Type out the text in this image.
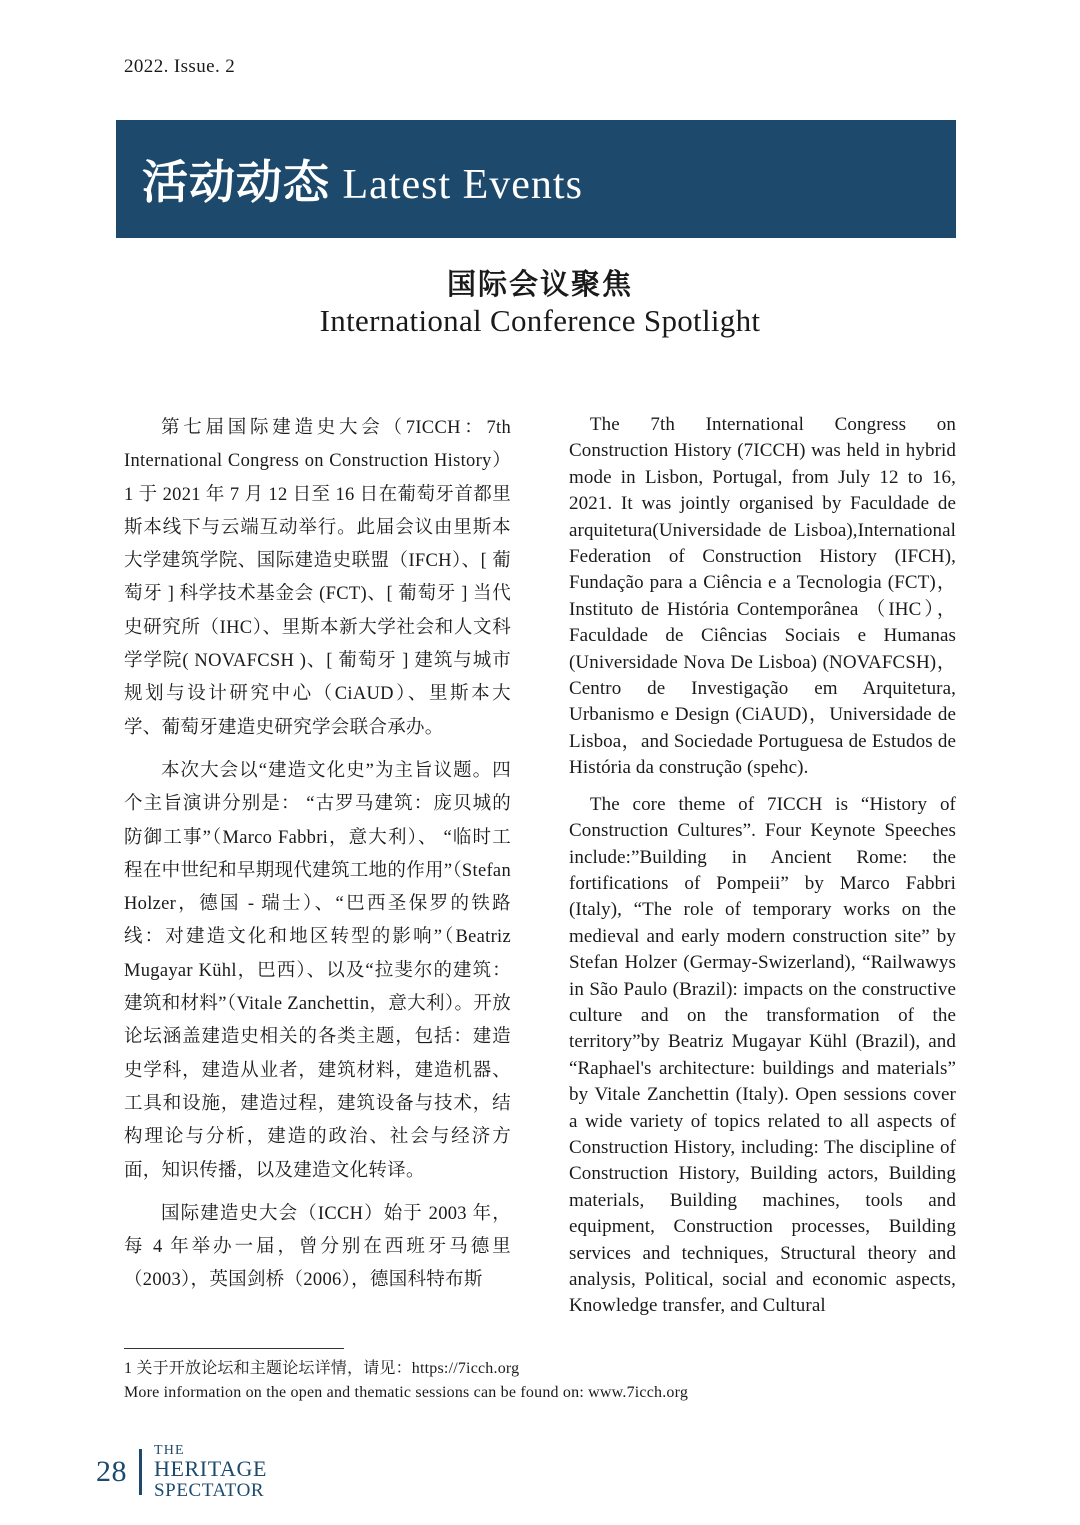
2022. Issue. 2
活动动态 Latest Events
国际会议聚焦
International Conference Spotlight

第七届国际建造史大会（7ICCH：7th International Congress on Construction History）1 于 2021 年 7 月 12 日至 16 日在葡萄牙首都里斯本线下与云端互动举行。此届会议由里斯本大学建筑学院、国际建造史联盟（IFCH）、[ 葡萄牙 ] 科学技术基金会 (FCT)、[ 葡萄牙 ] 当代史研究所（IHC）、里斯本新大学社会和人文科学学院( NOVAFCSH )、[ 葡萄牙 ] 建筑与城市规划与设计研究中心（CiAUD）、里斯本大学、葡萄牙建造史研究学会联合承办。

本次大会以“建造文化史”为主旨议题。四个主旨演讲分别是： “古罗马建筑：庞贝城的防御工事”（Marco Fabbri，意大利）、 “临时工程在中世纪和早期现代建筑工地的作用”（Stefan Holzer，德国 - 瑞士）、“巴西圣保罗的铁路线：对建造文化和地区转型的影响”（Beatriz Mugayar Kühl，巴西）、以及“拉斐尔的建筑：建筑和材料”（Vitale Zanchettin，意大利）。开放论坛涵盖建造史相关的各类主题，包括：建造史学科，建造从业者，建筑材料，建造机器、工具和设施，建造过程，建筑设备与技术，结构理论与分析，建造的政治、社会与经济方面，知识传播，以及建造文化转译。

国际建造史大会（ICCH）始于 2003 年，每 4 年举办一届，曾分别在西班牙马德里（2003），英国剑桥（2006），德国科特布斯

The 7th International Congress on Construction History (7ICCH) was held in hybrid mode in Lisbon, Portugal, from July 12 to 16, 2021. It was jointly organised by Faculdade de arquitetura(Universidade de Lisboa),International Federation of Construction History (IFCH), Fundação para a Ciência e a Tecnologia (FCT)，Instituto de História Contemporânea （IHC），Faculdade de Ciências Sociais e Humanas (Universidade Nova De Lisboa) (NOVAFCSH)，Centro de Investigação em Arquitetura, Urbanismo e Design (CiAUD)，Universidade de Lisboa，and Sociedade Portuguesa de Estudos de História da construção (spehc).

The core theme of 7ICCH is “History of Construction Cultures”. Four Keynote Speeches include:”Building in Ancient Rome: the fortifications of Pompeii” by Marco Fabbri (Italy), “The role of temporary works on the medieval and early modern construction site” by Stefan Holzer (Germay-Swizerland), “Railwawys in São Paulo (Brazil): impacts on the constructive culture and on the transformation of the territory”by Beatriz Mugayar Kühl (Brazil), and “Raphael's architecture: buildings and materials” by Vitale Zanchettin (Italy). Open sessions cover a wide variety of topics related to all aspects of Construction History, including: The discipline of Construction History, Building actors, Building materials, Building machines, tools and equipment, Construction processes, Building services and techniques, Structural theory and analysis, Political, social and economic aspects, Knowledge transfer, and Cultural

1 关于开放论坛和主题论坛详情，请见：https://7icch.org
More information on the open and thematic sessions can be found on: www.7icch.org
28
THE
HERITAGE
SPECTATOR
